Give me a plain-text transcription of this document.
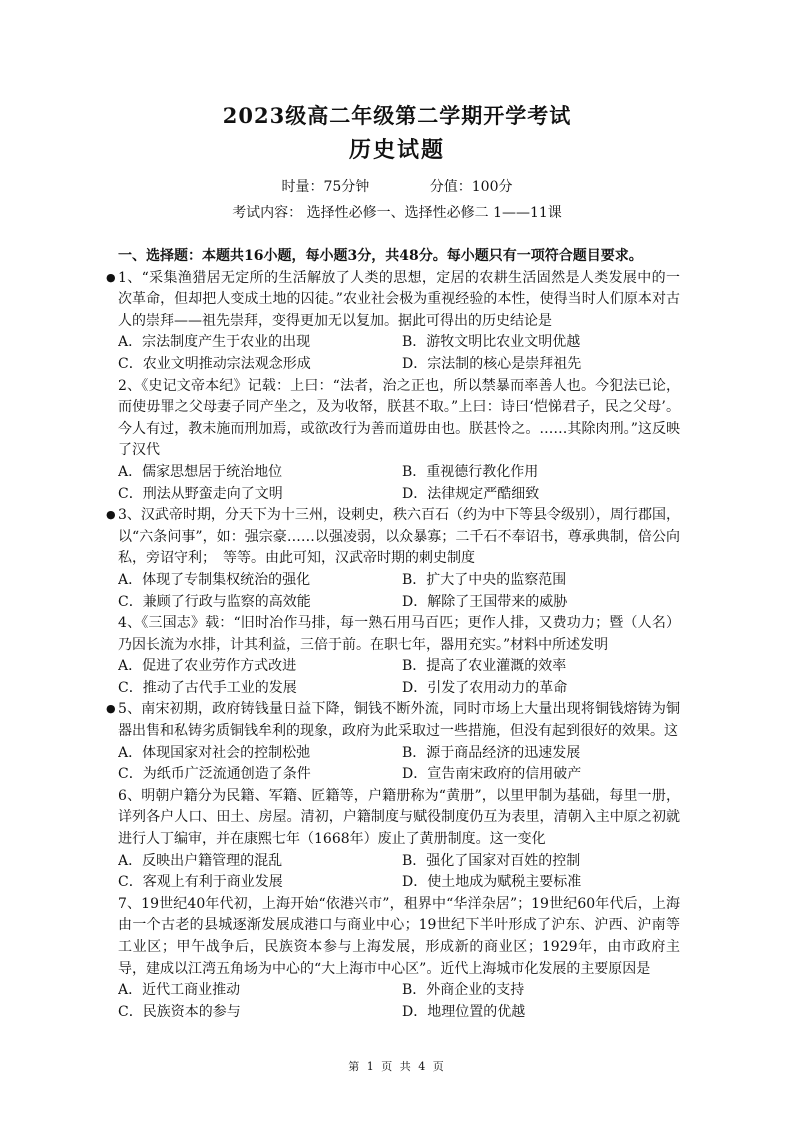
2023级高二年级第二学期开学考试
历史试题
时量：75分钟	分值：100分
考试内容： 选择性必修一、选择性必修二 1——11课
一、选择题：本题共16小题，每小题3分，共48分。每小题只有一项符合题目要求。
● 1、“采集渔猎居无定所的生活解放了人类的思想，定居的农耕生活固然是人类发展中的一次革命，但却把人变成土地的囚徒。”农业社会极为重视经验的本性，使得当时人们原本对古人的崇拜——祖先崇拜，变得更加无以复加。据此可得出的历史结论是
A．宗法制度产生于农业的出现	B．游牧文明比农业文明优越
C．农业文明推动宗法观念形成	D．宗法制的核心是崇拜祖先
2、《史记文帝本纪》记载：上曰：“法者，治之正也，所以禁暴而率善人也。今犯法已论，而使毋罪之父母妻子同产坐之，及为收帑，朕甚不取。”上曰：诗曰‘恺悌君子，民之父母’。今人有过，教未施而刑加焉，或欲改行为善而道毋由也。朕甚怜之。……其除肉刑。”这反映了汉代
A．儒家思想居于统治地位	B．重视德行教化作用
C．刑法从野蛮走向了文明	D．法律规定严酷细致
● 3、汉武帝时期，分天下为十三州，设刺史，秩六百石（约为中下等县令级别），周行郡国，以“六条问事”，如：强宗豪……以强凌弱，以众暴寡；二千石不奉诏书，尊承典制，倍公向私，旁诏守利；　等等。由此可知，汉武帝时期的刺史制度
A．体现了专制集权统治的强化	B．扩大了中央的监察范围
C．兼顾了行政与监察的高效能	D．解除了王国带来的威胁
4、《三国志》载：“旧时冶作马排，每一熟石用马百匹；更作人排，又费功力；暨（人名）乃因长流为水排，计其利益，三倍于前。在职七年，器用充实。”材料中所述发明
A．促进了农业劳作方式改进	B．提高了农业灌溉的效率
C．推动了古代手工业的发展	D．引发了农用动力的革命
● 5、南宋初期，政府铸钱量日益下降，铜钱不断外流，同时市场上大量出现将铜钱熔铸为铜器出售和私铸劣质铜钱牟利的现象，政府为此采取过一些措施，但没有起到很好的效果。这
A．体现国家对社会的控制松弛	B．源于商品经济的迅速发展
C．为纸币广泛流通创造了条件	D．宣告南宋政府的信用破产
6、明朝户籍分为民籍、军籍、匠籍等，户籍册称为“黄册”，以里甲制为基础，每里一册，详列各户人口、田土、房屋。清初，户籍制度与赋役制度仍互为表里，清朝入主中原之初就进行人丁编审，并在康熙七年（1668年）废止了黄册制度。这一变化
A．反映出户籍管理的混乱	B．强化了国家对百姓的控制
C．客观上有利于商业发展	D．使土地成为赋税主要标准
7、19世纪40年代初，上海开始“依港兴市”，租界中“华洋杂居”；19世纪60年代后，上海由一个古老的县城逐渐发展成港口与商业中心；19世纪下半叶形成了沪东、沪西、沪南等工业区；甲午战争后，民族资本参与上海发展，形成新的商业区；1929年，由市政府主导，建成以江湾五角场为中心的“大上海市中心区”。近代上海城市化发展的主要原因是
A．近代工商业推动	B．外商企业的支持
C．民族资本的参与	D．地理位置的优越
第 1 页 共 4 页
